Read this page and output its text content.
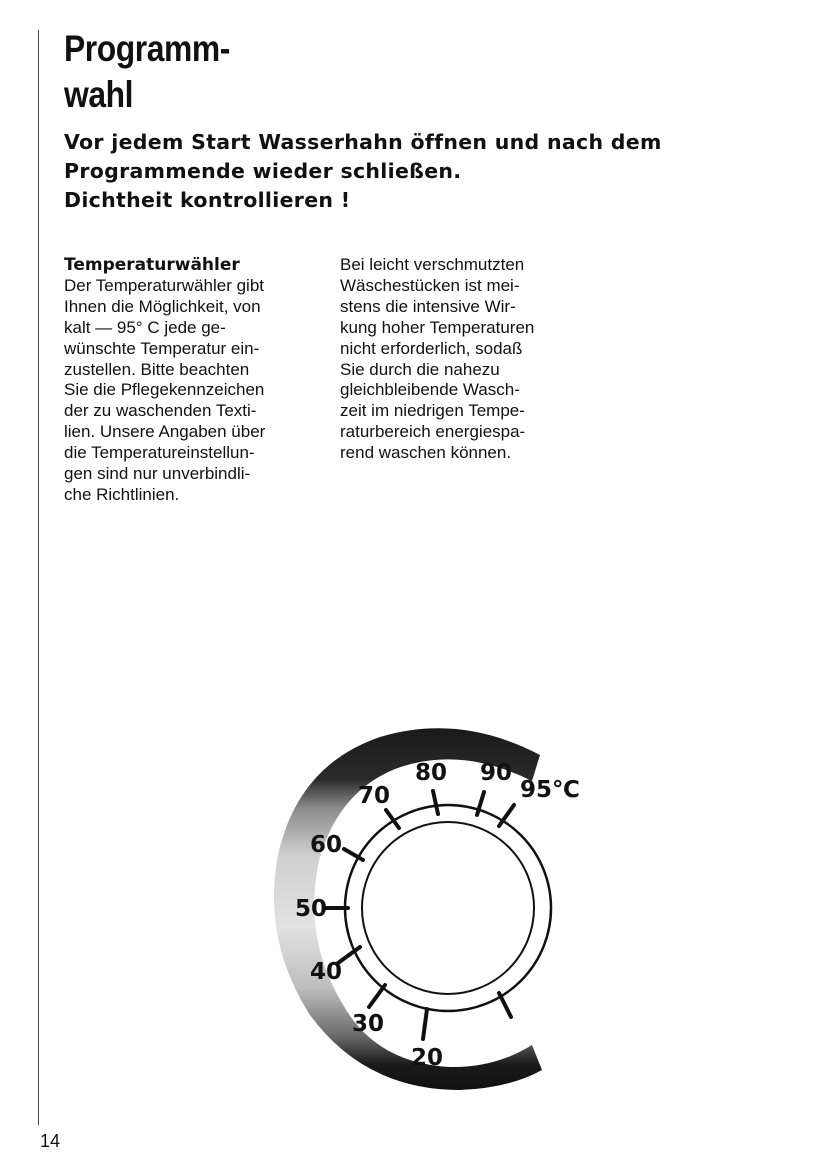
Programm-
wahl

Vor jedem Start Wasserhahn öffnen und nach dem
Programmende wieder schließen.
Dichtheit kontrollieren !

Temperaturwähler
Der Temperaturwähler gibt
Ihnen die Möglichkeit, von
kalt — 95° C jede ge-
wünschte Temperatur ein-
zustellen. Bitte beachten
Sie die Pflegekennzeichen
der zu waschenden Texti-
lien. Unsere Angaben über
die Temperatureinstellun-
gen sind nur unverbindli-
che Richtlinien.
Bei leicht verschmutzten
Wäschestücken ist mei-
stens die intensive Wir-
kung hoher Temperaturen
nicht erforderlich, sodaß
Sie durch die nahezu
gleichbleibende Wasch-
zeit im niedrigen Tempe-
raturbereich energiespa-
rend waschen können.
20
30
40
50
60
70
80 90
95℃
14
